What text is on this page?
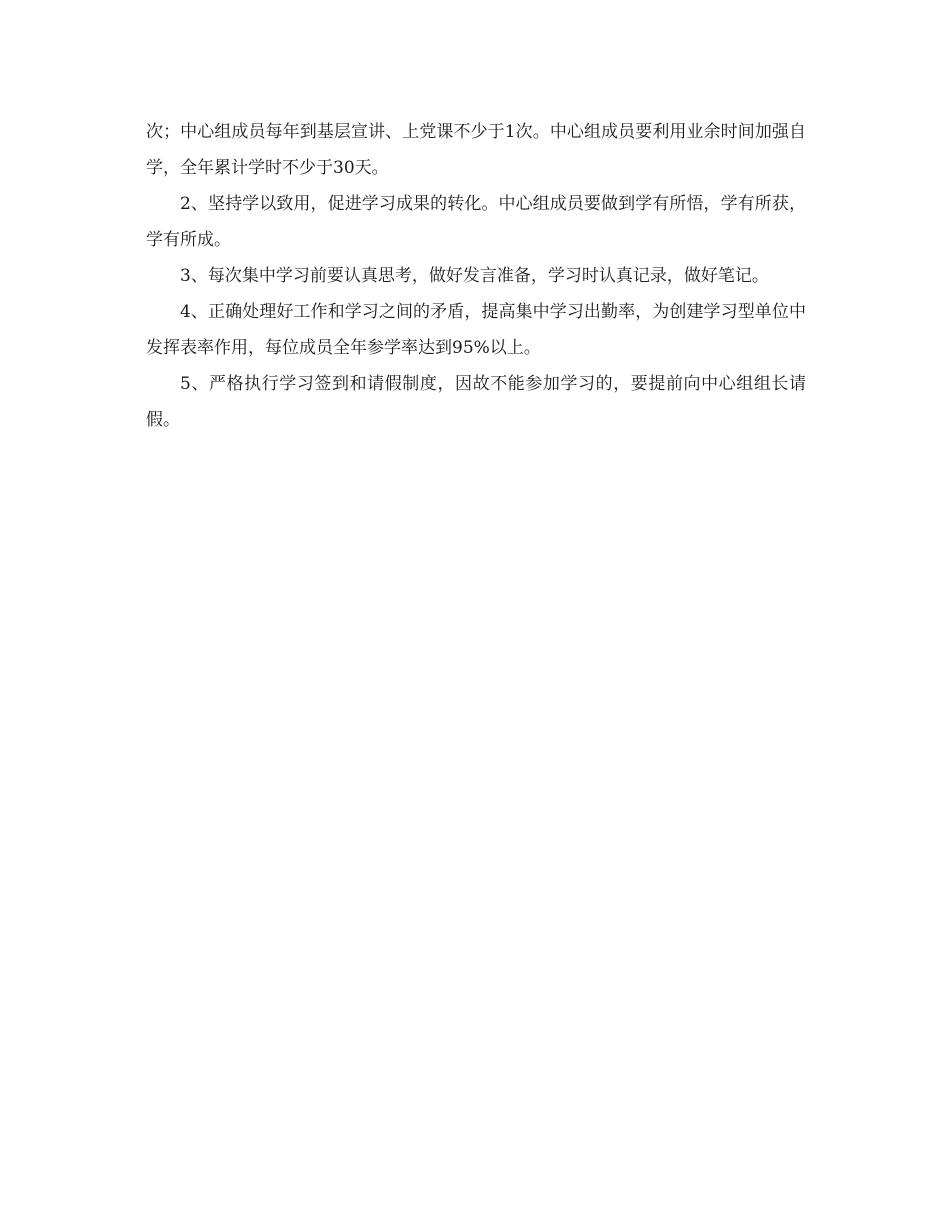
次；中心组成员每年到基层宣讲、上党课不少于1次。中心组成员要利用业余时间加强自学，全年累计学时不少于30天。

2、坚持学以致用，促进学习成果的转化。中心组成员要做到学有所悟，学有所获，学有所成。

3、每次集中学习前要认真思考，做好发言准备，学习时认真记录，做好笔记。

4、正确处理好工作和学习之间的矛盾，提高集中学习出勤率，为创建学习型单位中发挥表率作用，每位成员全年参学率达到95%以上。

5、严格执行学习签到和请假制度，因故不能参加学习的，要提前向中心组组长请假。
